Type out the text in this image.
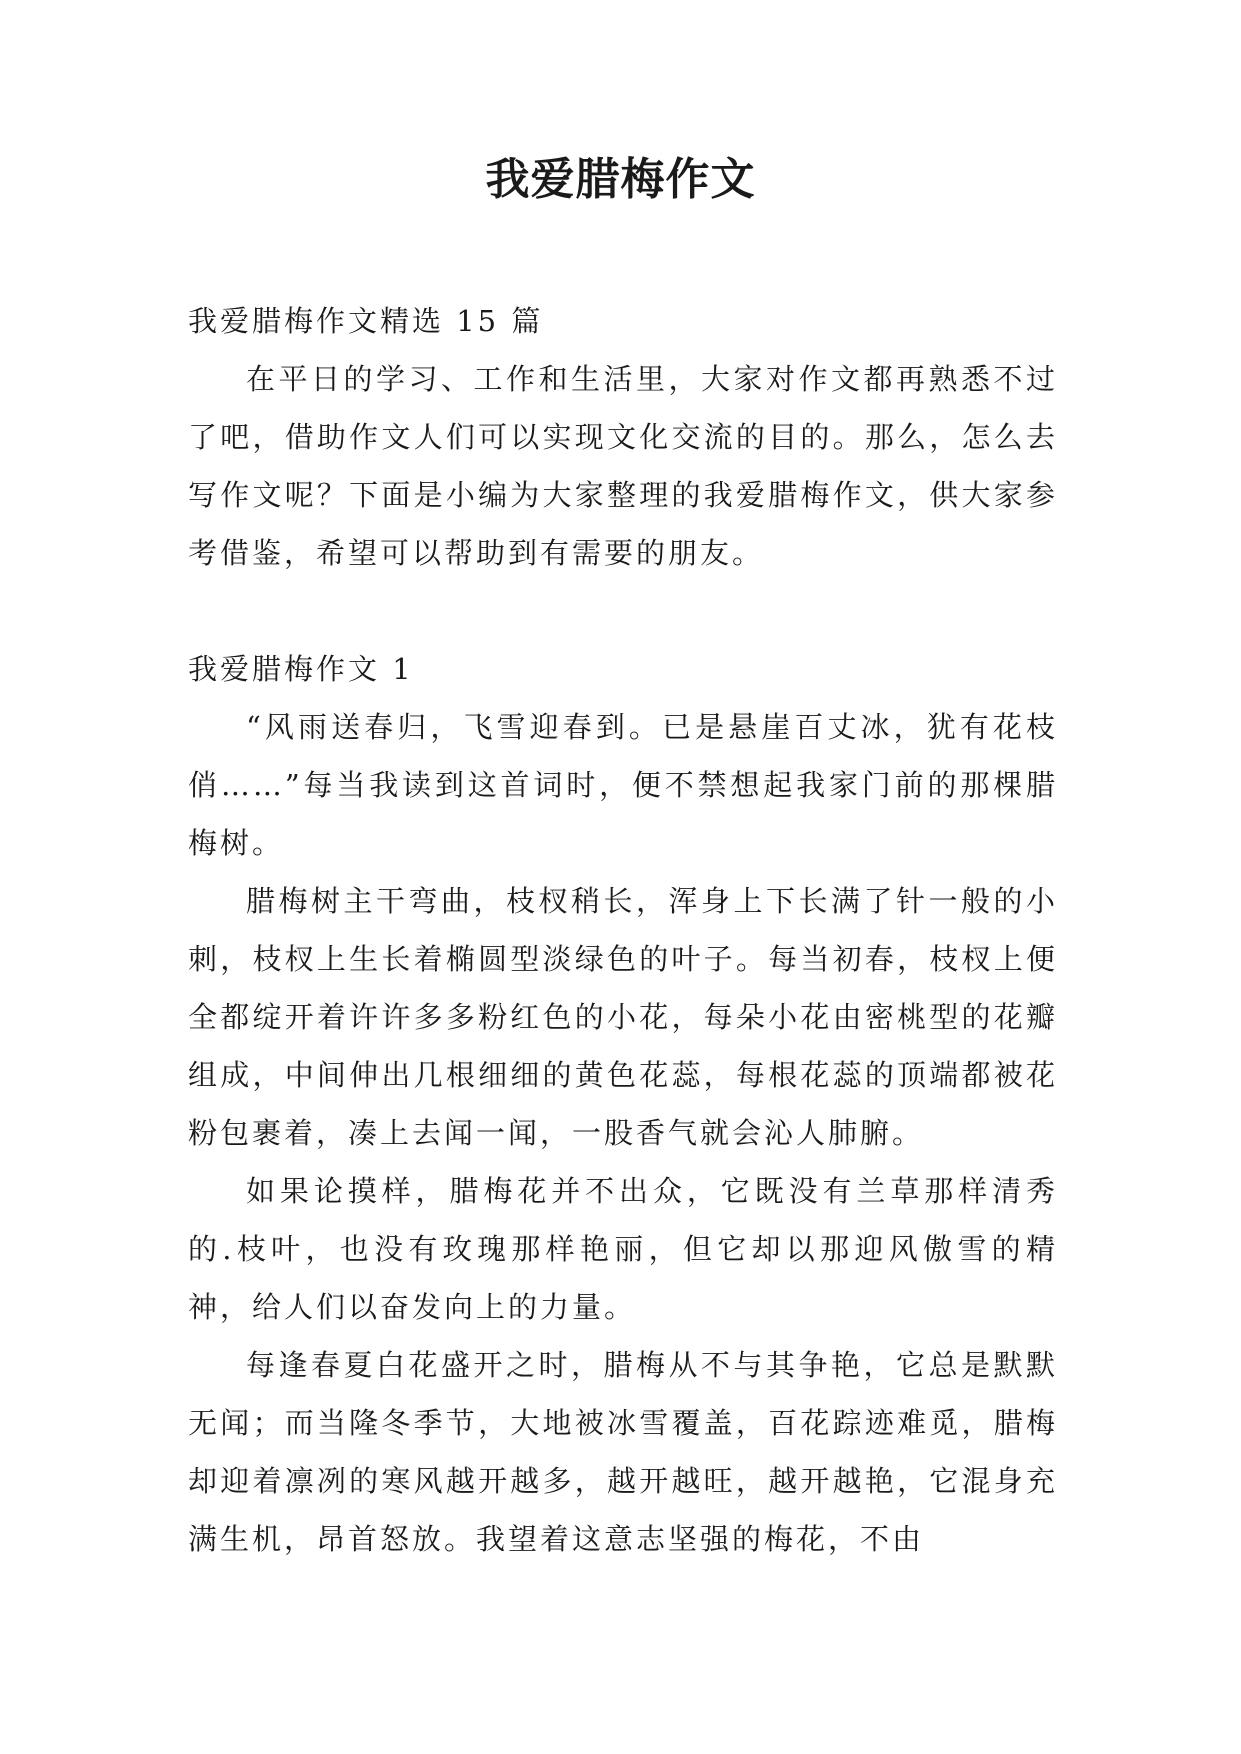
我爱腊梅作文

我爱腊梅作文精选 15 篇

在平日的学习、工作和生活里，大家对作文都再熟悉不过了吧，借助作文人们可以实现文化交流的目的。那么，怎么去写作文呢？下面是小编为大家整理的我爱腊梅作文，供大家参考借鉴，希望可以帮助到有需要的朋友。

我爱腊梅作文 1

“风雨送春归，飞雪迎春到。已是悬崖百丈冰，犹有花枝俏……”每当我读到这首词时，便不禁想起我家门前的那棵腊梅树。

腊梅树主干弯曲，枝杈稍长，浑身上下长满了针一般的小刺，枝杈上生长着椭圆型淡绿色的叶子。每当初春，枝杈上便全都绽开着许许多多粉红色的小花，每朵小花由密桃型的花瓣组成，中间伸出几根细细的黄色花蕊，每根花蕊的顶端都被花粉包裹着，凑上去闻一闻，一股香气就会沁人肺腑。

如果论摸样，腊梅花并不出众，它既没有兰草那样清秀的.枝叶，也没有玫瑰那样艳丽，但它却以那迎风傲雪的精神，给人们以奋发向上的力量。

每逢春夏白花盛开之时，腊梅从不与其争艳，它总是默默无闻；而当隆冬季节，大地被冰雪覆盖，百花踪迹难觅，腊梅却迎着凛冽的寒风越开越多，越开越旺，越开越艳，它混身充满生机，昂首怒放。我望着这意志坚强的梅花，不由
